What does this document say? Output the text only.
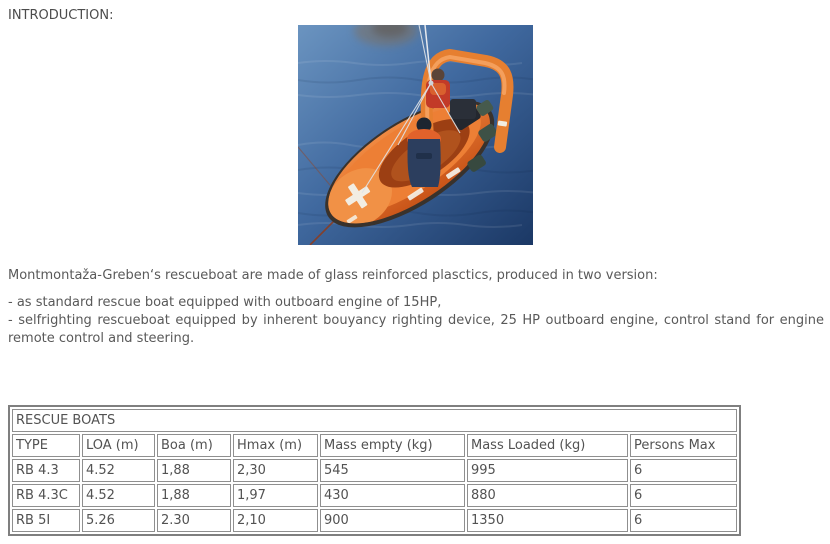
INTRODUCTION:
Montmontaža-Greben‘s rescueboat are made of glass reinforced plasctics, produced in two version:
- as standard rescue boat equipped with outboard engine of 15HP,
- selfrighting rescueboat equipped by inherent bouyancy righting device, 25 HP outboard engine, control stand for engine remote control and steering.
RESCUE BOATS						
TYPE	LOA (m)	Boa (m)	Hmax (m)	Mass empty (kg)	Mass Loaded (kg)	Persons Max
RB 4.3	4.52	1,88	2,30	545	995	6
RB 4.3C	4.52	1,88	1,97	430	880	6
RB 5I	5.26	2.30	2,10	900	1350	6
